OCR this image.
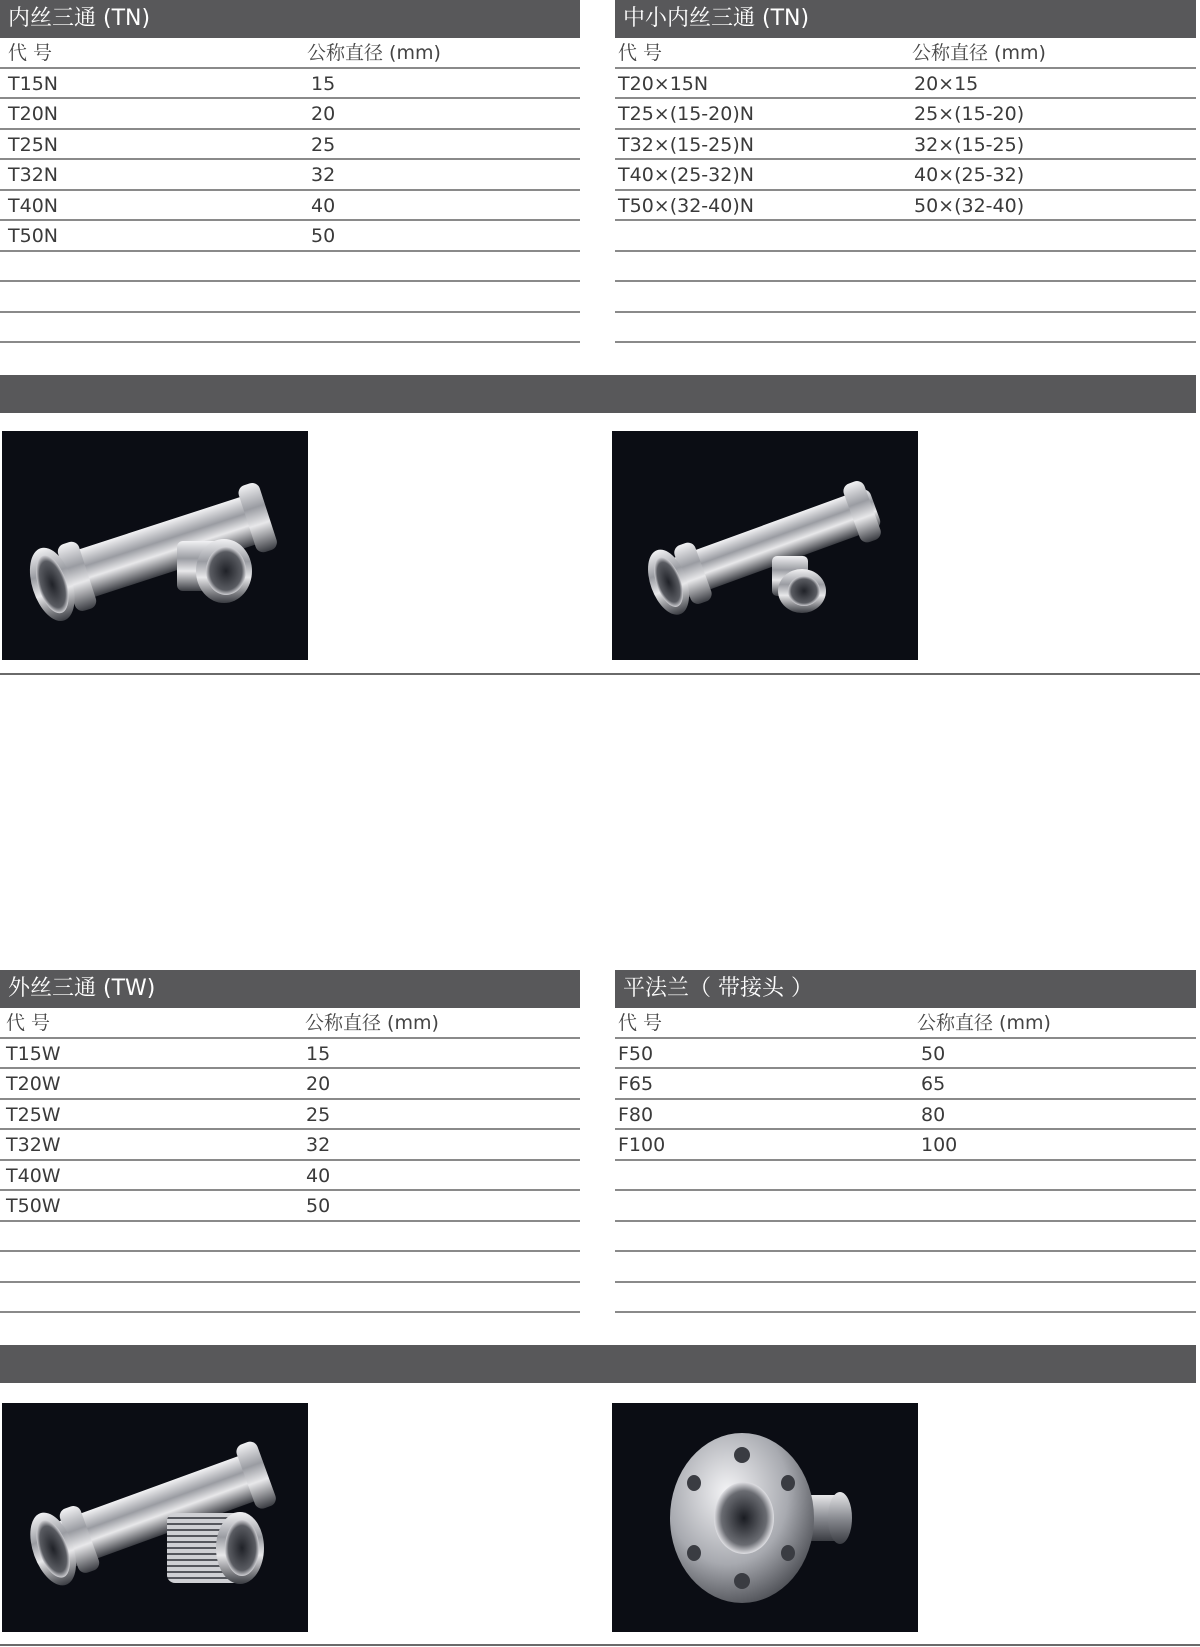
内丝三通 (TN)
代 号	公称直径 (mm)
T15N	15
T20N	20
T25N	25
T32N	32
T40N	40
T50N	50
中小内丝三通 (TN)
代 号	公称直径 (mm)
T20×15N	20×15
T25×(15-20)N	25×(15-20)
T32×(15-25)N	32×(15-25)
T40×(25-32)N	40×(25-32)
T50×(32-40)N	50×(32-40)
外丝三通 (TW)
代 号	公称直径 (mm)
T15W	15
T20W	20
T25W	25
T32W	32
T40W	40
T50W	50
平法兰（ 带接头 ）
代 号	公称直径 (mm)
F50	50
F65	65
F80	80
F100	100
